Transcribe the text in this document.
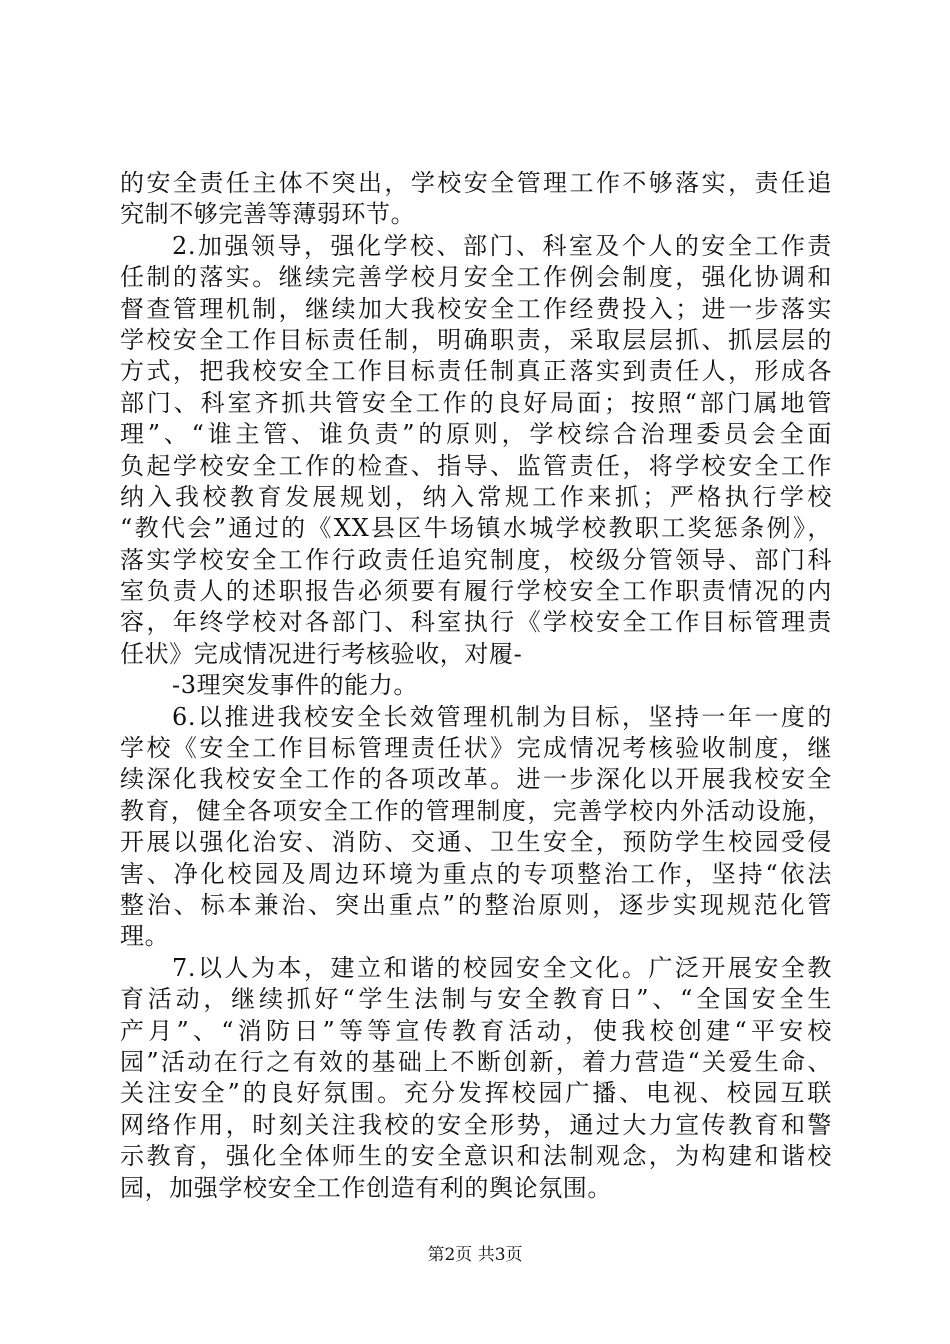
的安全责任主体不突出，学校安全管理工作不够落实，责任追
究制不够完善等薄弱环节。
2.加强领导，强化学校、部门、科室及个人的安全工作责
任制的落实。继续完善学校月安全工作例会制度，强化协调和
督查管理机制，继续加大我校安全工作经费投入；进一步落实
学校安全工作目标责任制，明确职责，采取层层抓、抓层层的
方式，把我校安全工作目标责任制真正落实到责任人，形成各
部门、科室齐抓共管安全工作的良好局面；按照“部门属地管
理”、“谁主管、谁负责”的原则，学校综合治理委员会全面
负起学校安全工作的检查、指导、监管责任，将学校安全工作
纳入我校教育发展规划，纳入常规工作来抓；严格执行学校
“教代会”通过的《XX县区牛场镇水城学校教职工奖惩条例》，
落实学校安全工作行政责任追究制度，校级分管领导、部门科
室负责人的述职报告必须要有履行学校安全工作职责情况的内
容，年终学校对各部门、科室执行《学校安全工作目标管理责
任状》完成情况进行考核验收，对履-
-3理突发事件的能力。
6.以推进我校安全长效管理机制为目标，坚持一年一度的
学校《安全工作目标管理责任状》完成情况考核验收制度，继
续深化我校安全工作的各项改革。进一步深化以开展我校安全
教育，健全各项安全工作的管理制度，完善学校内外活动设施，
开展以强化治安、消防、交通、卫生安全，预防学生校园受侵
害、净化校园及周边环境为重点的专项整治工作，坚持“依法
整治、标本兼治、突出重点”的整治原则，逐步实现规范化管
理。
7.以人为本，建立和谐的校园安全文化。广泛开展安全教
育活动，继续抓好“学生法制与安全教育日”、“全国安全生
产月”、“消防日”等等宣传教育活动，使我校创建“平安校
园”活动在行之有效的基础上不断创新，着力营造“关爱生命、
关注安全”的良好氛围。充分发挥校园广播、电视、校园互联
网络作用，时刻关注我校的安全形势，通过大力宣传教育和警
示教育，强化全体师生的安全意识和法制观念，为构建和谐校
园，加强学校安全工作创造有利的舆论氛围。
第2页 共3页
